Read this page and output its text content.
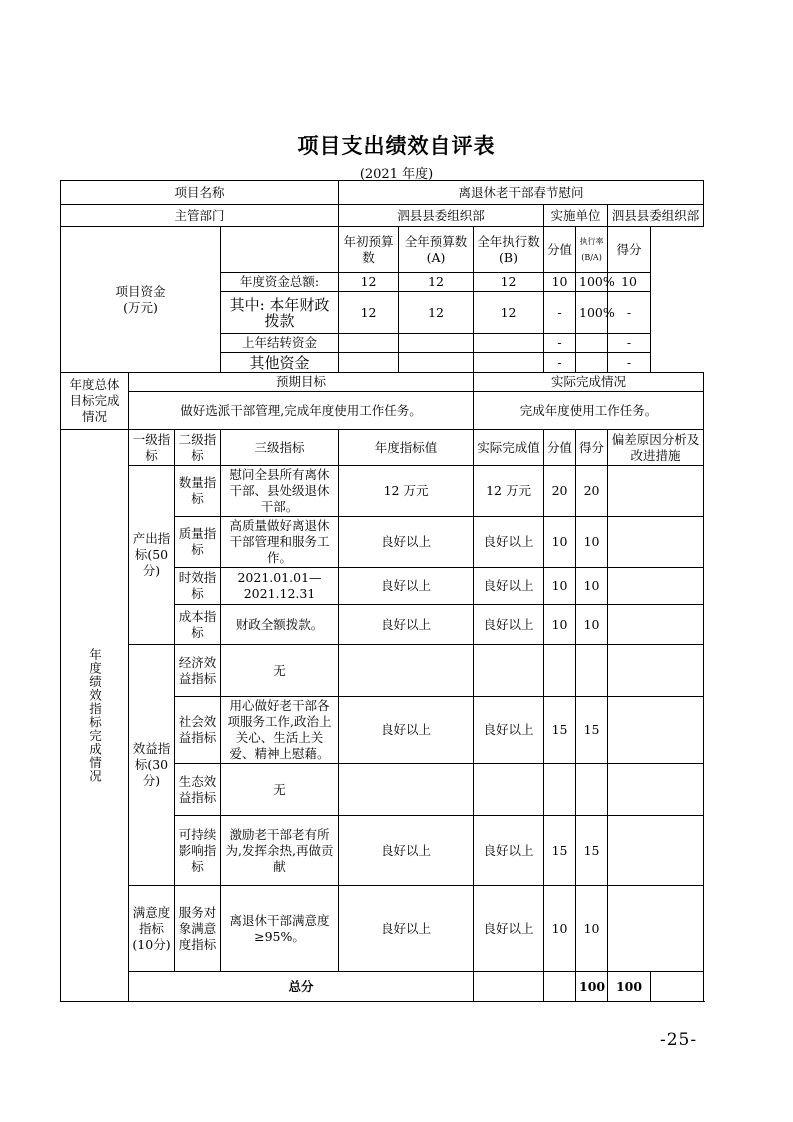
项目支出绩效自评表
(2021 年度)
项目名称				离退休老干部春节慰问						
主管部门				泗县县委组织部			实施单位		泗县县委组织部	
项目资金
(万元)				年初预算数	全年预算数(A)	全年执行数(B)	分值	执行率(B/A)	得分	
			年度资金总额:	12	12	12	10	100%	10	
			其中: 本年财政拨款	12	12	12	-	100%	-	
			上年结转资金				-		-	
			其他资金				-		-	
年度总体目标完成情况	预期目标					实际完成情况				
	做好选派干部管理,完成年度使用工作任务。					完成年度使用工作任务。				
年度绩效指标完成情况	一级指标	二级指标	三级指标	年度指标值		实际完成值	分值	得分	偏差原因分析及改进措施	
	产出指标(50分)	数量指标	慰问全县所有离休干部、县处级退休干部。	12 万元		12 万元	20	20		
		质量指标	高质量做好离退休干部管理和服务工作。	良好以上		良好以上	10	10		
		时效指标	2021.01.01—2021.12.31	良好以上		良好以上	10	10		
		成本指标	财政全额拨款。	良好以上		良好以上	10	10		
	效益指标(30分)	经济效益指标	无							
		社会效益指标	用心做好老干部各项服务工作,政治上关心、生活上关爱、精神上慰藉。	良好以上		良好以上	15	15		
		生态效益指标	无							
		可持续影响指标	激励老干部老有所为,发挥余热,再做贡献	良好以上		良好以上	15	15		
	满意度指标(10分)	服务对象满意度指标	离退休干部满意度≥95%。	良好以上		良好以上	10	10		
	总分							100	100	
-25-
